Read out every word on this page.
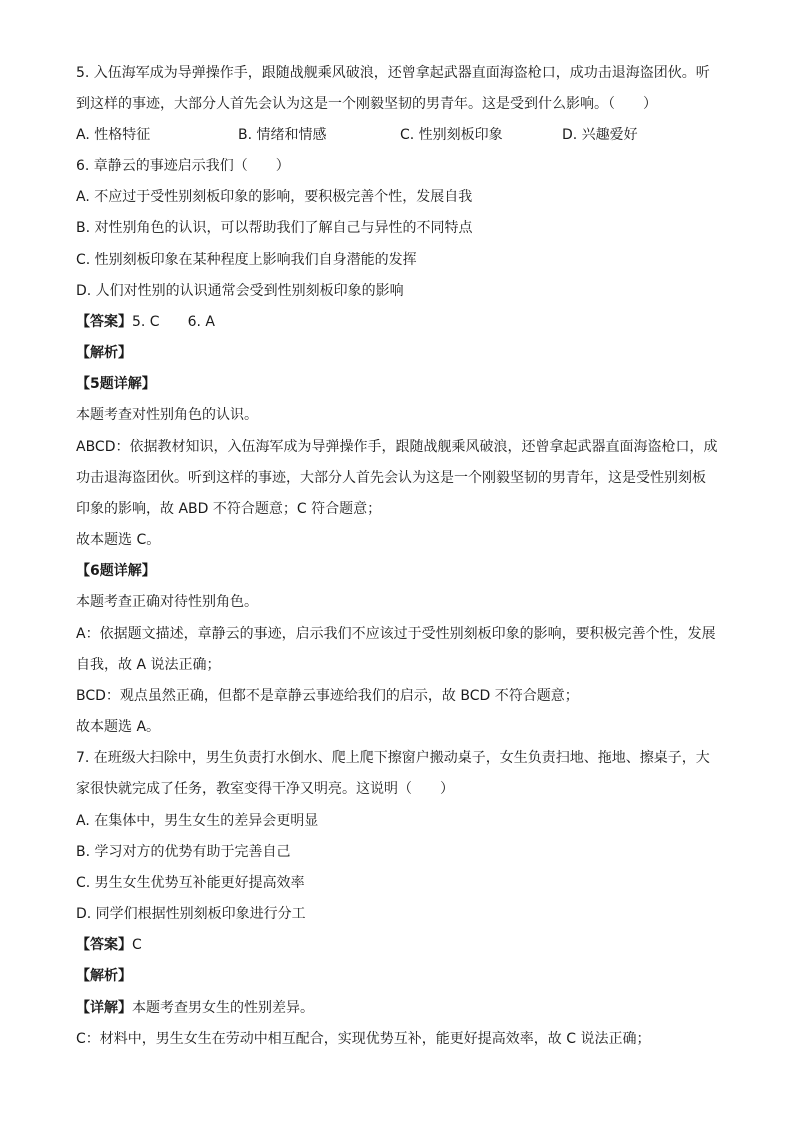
5. 入伍海军成为导弹操作手，跟随战舰乘风破浪，还曾拿起武器直面海盗枪口，成功击退海盗团伙。听
到这样的事迹，大部分人首先会认为这是一个刚毅坚韧的男青年。这是受到什么影响。（　　）
A. 性格特征	B. 情绪和情感	C. 性别刻板印象	D. 兴趣爱好
6. 章静云的事迹启示我们（　　）
A. 不应过于受性别刻板印象的影响，要积极完善个性，发展自我
B. 对性别角色的认识，可以帮助我们了解自己与异性的不同特点
C. 性别刻板印象在某种程度上影响我们自身潜能的发挥
D. 人们对性别的认识通常会受到性别刻板印象的影响
【答案】5. C　　6. A
【解析】
【5题详解】
本题考查对性别角色的认识。
ABCD：依据教材知识，入伍海军成为导弹操作手，跟随战舰乘风破浪，还曾拿起武器直面海盗枪口，成
功击退海盗团伙。听到这样的事迹，大部分人首先会认为这是一个刚毅坚韧的男青年，这是受性别刻板
印象的影响，故 ABD 不符合题意；C 符合题意；
故本题选 C。
【6题详解】
本题考查正确对待性别角色。
A：依据题文描述，章静云的事迹，启示我们不应该过于受性别刻板印象的影响，要积极完善个性，发展
自我，故 A 说法正确；
BCD：观点虽然正确，但都不是章静云事迹给我们的启示，故 BCD 不符合题意；
故本题选 A。
7. 在班级大扫除中，男生负责打水倒水、爬上爬下擦窗户搬动桌子，女生负责扫地、拖地、擦桌子，大
家很快就完成了任务，教室变得干净又明亮。这说明（　　）
A. 在集体中，男生女生的差异会更明显
B. 学习对方的优势有助于完善自己
C. 男生女生优势互补能更好提高效率
D. 同学们根据性别刻板印象进行分工
【答案】C
【解析】
【详解】本题考查男女生的性别差异。
C：材料中，男生女生在劳动中相互配合，实现优势互补，能更好提高效率，故 C 说法正确；
